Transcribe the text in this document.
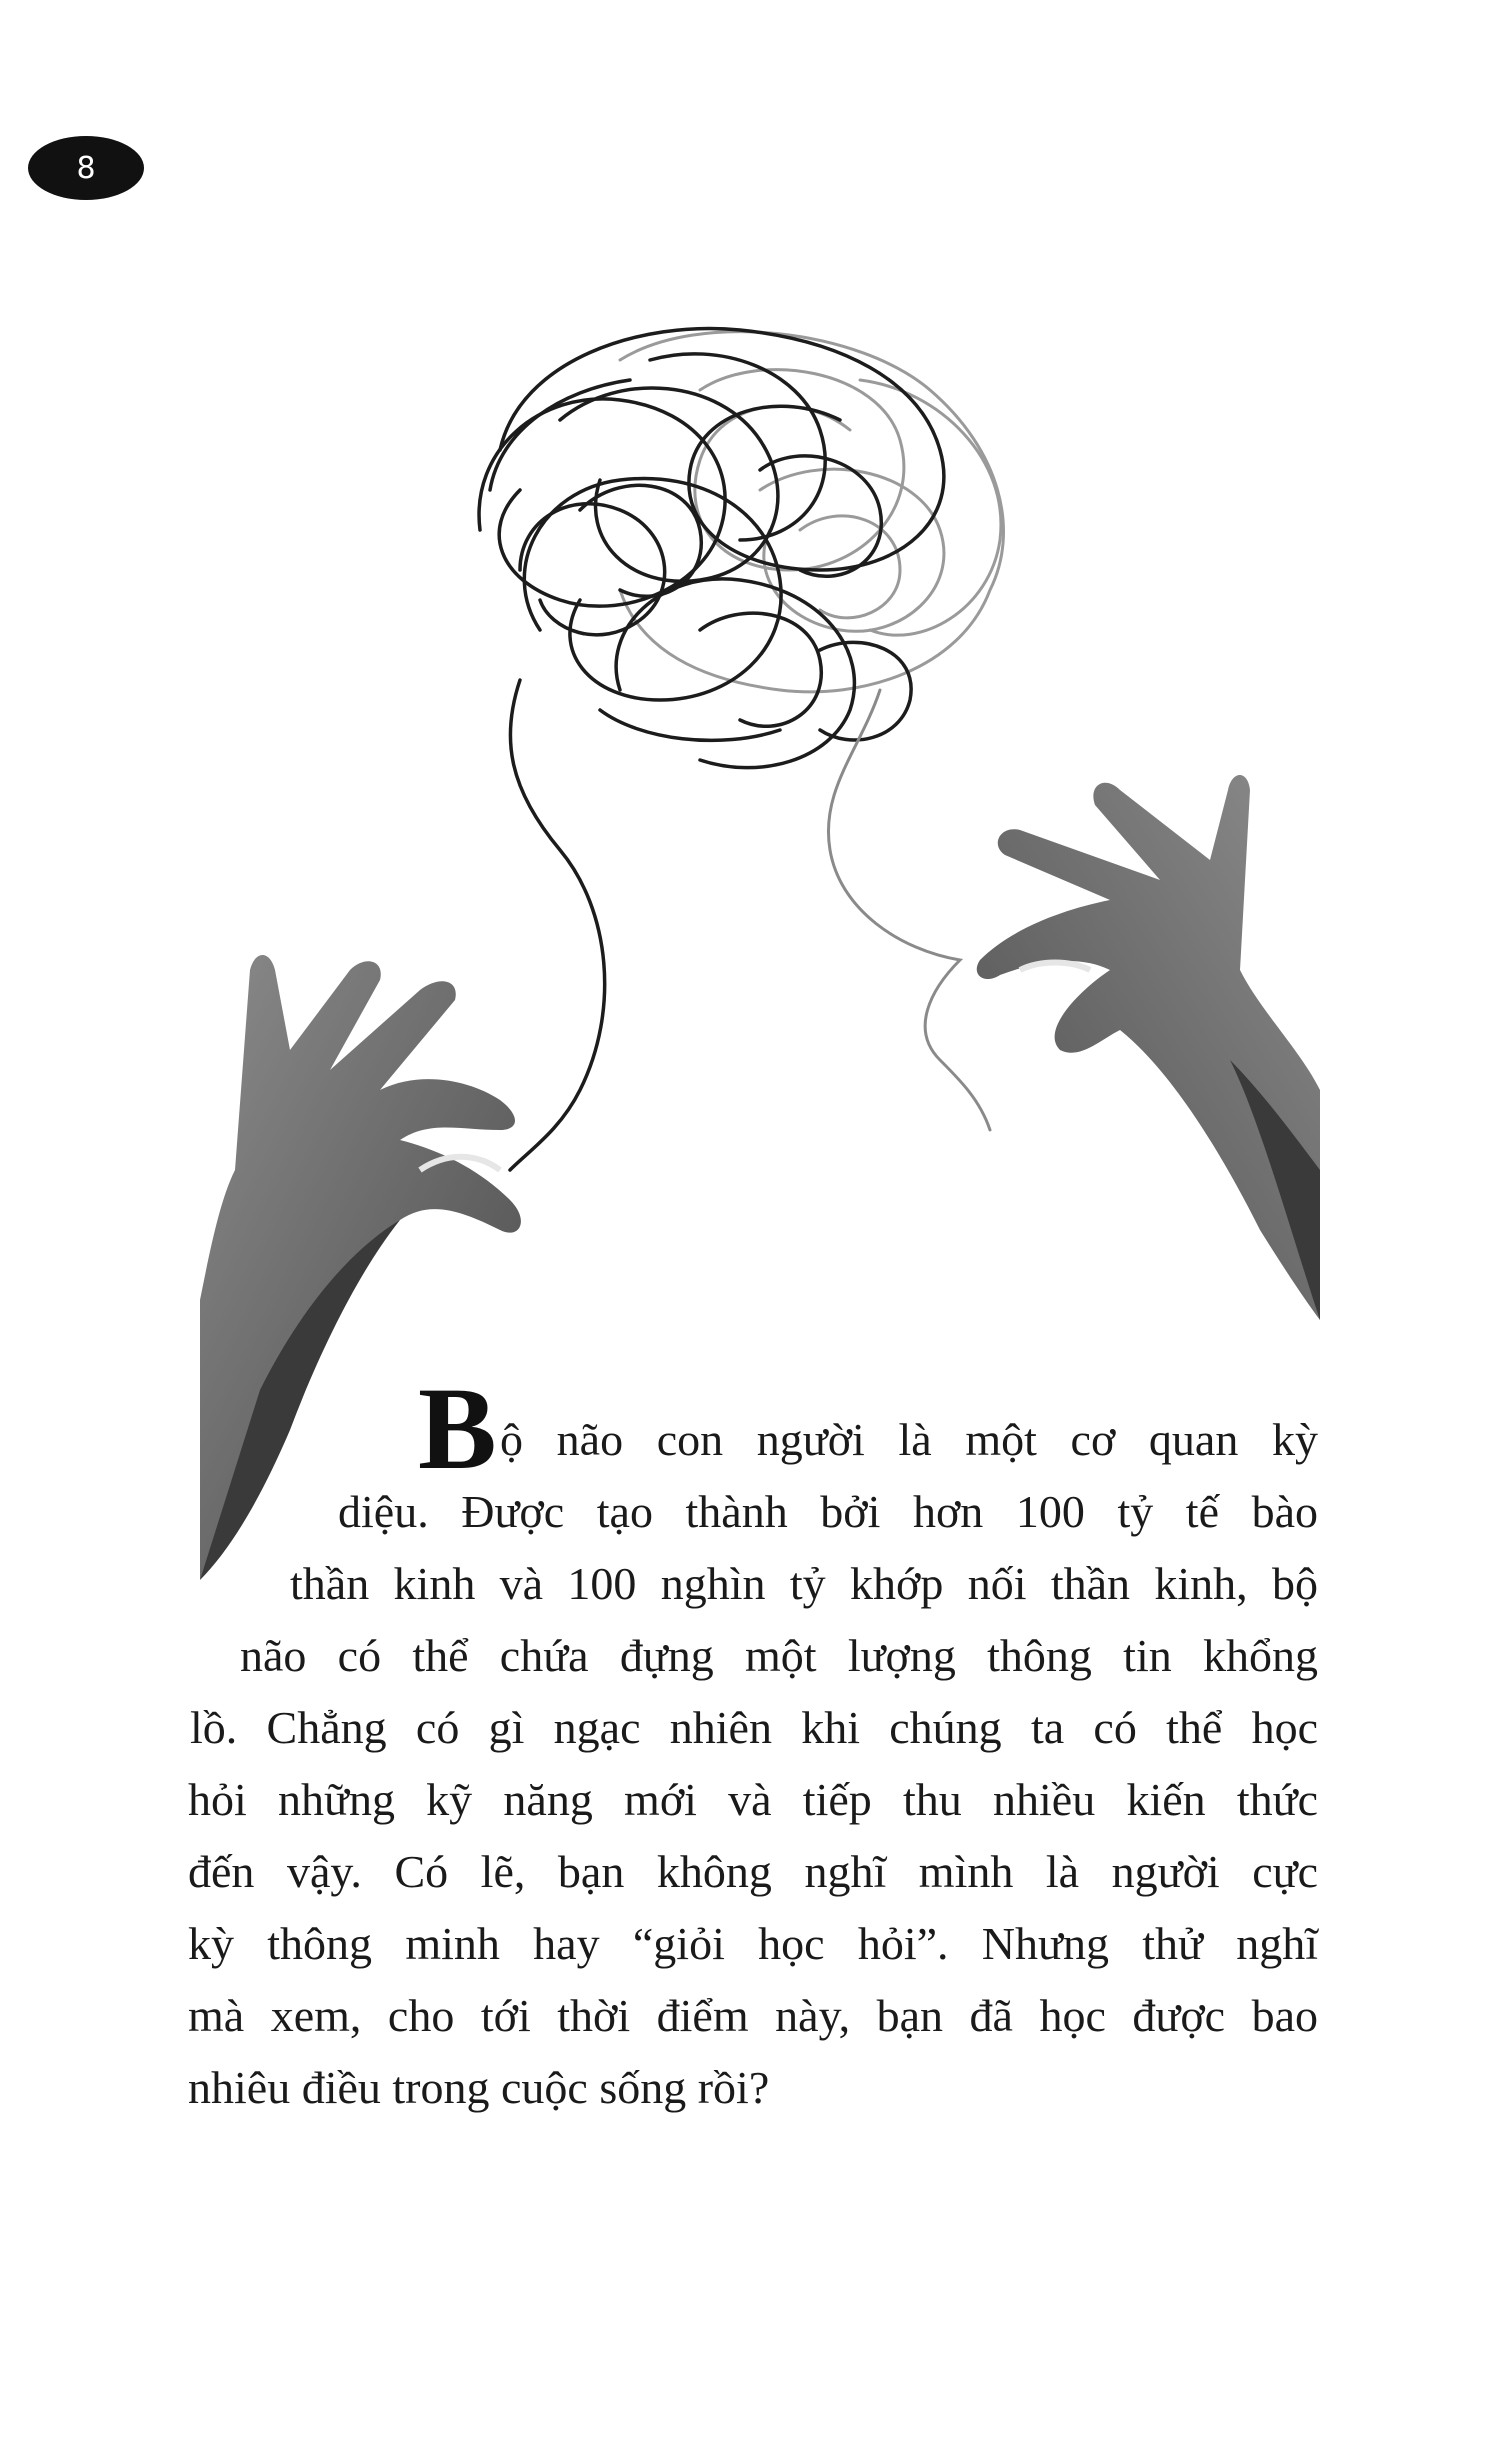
8
B ộ não con người là một cơ quan kỳ
diệu. Được tạo thành bởi hơn 100 tỷ tế bào
thần kinh và 100 nghìn tỷ khớp nối thần kinh, bộ
não có thể chứa đựng một lượng thông tin khổng
lồ. Chẳng có gì ngạc nhiên khi chúng ta có thể học
hỏi những kỹ năng mới và tiếp thu nhiều kiến thức
đến vậy. Có lẽ, bạn không nghĩ mình là người cực
kỳ thông minh hay “giỏi học hỏi”. Nhưng thử nghĩ
mà xem, cho tới thời điểm này, bạn đã học được bao
nhiêu điều trong cuộc sống rồi?
